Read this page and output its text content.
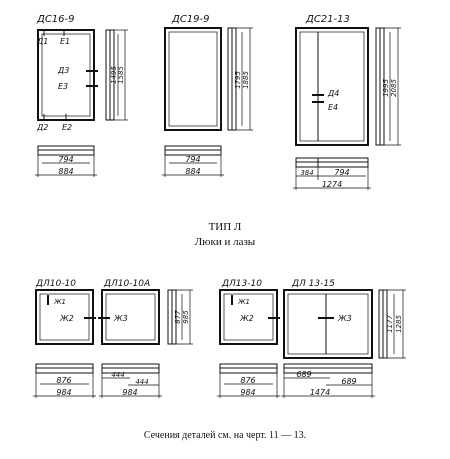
ДС16-9
Д1 Е1
Д3
Е3
Д2 Е2
1495 1585
794
884
ДС19-9
1795 1885
794
884
ДС21-13
Д4
Е4
1995 2085
384	794
1274
ТИП Л
Люки и лазы
ДЛ10-10
Ж1
Ж2
876
984
ДЛ10-10А
Ж3	877 985
444
444
984
ДЛ13-10
Ж1
Ж2
876
984
ДЛ 13-15
Ж3	1177 1285
689
689
1474
Сечения деталей см. на черт. 11 — 13.
